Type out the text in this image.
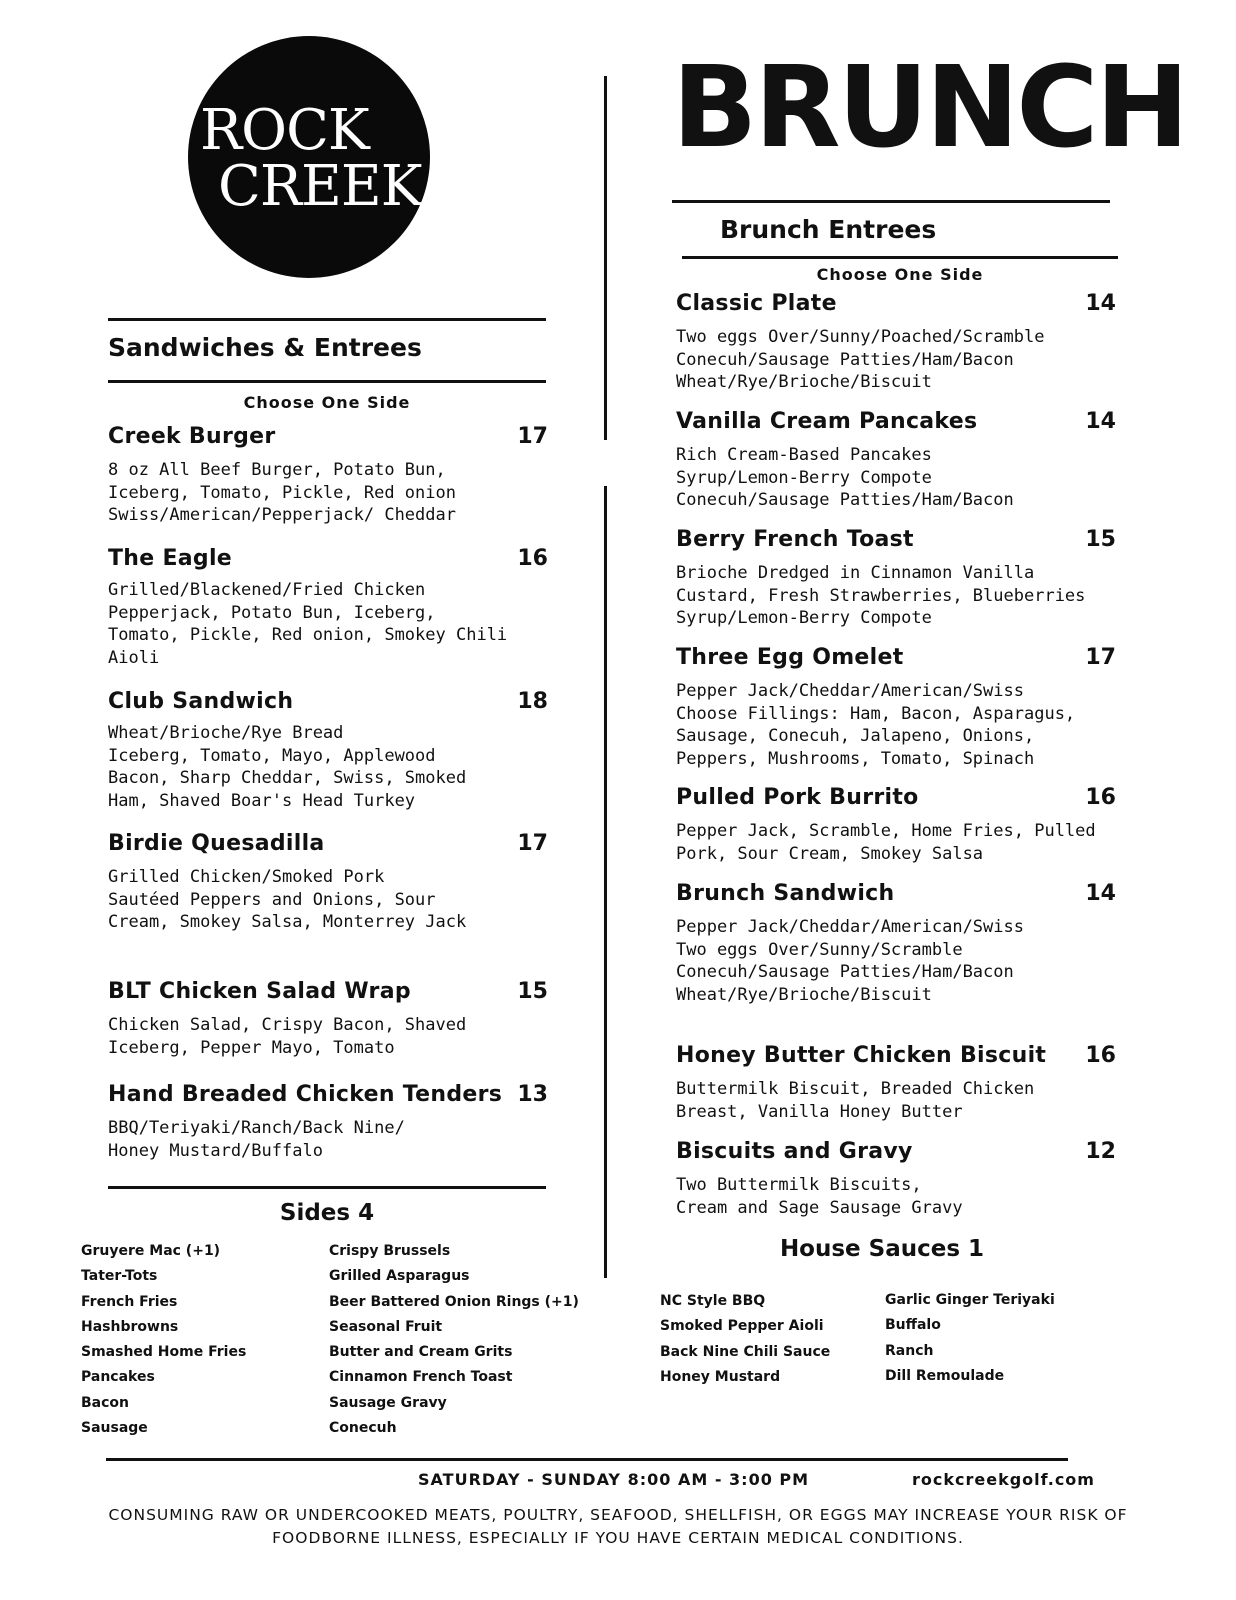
ROCK
CREEK
BRUNCH
Sandwiches & Entrees
Choose One Side
Brunch Entrees
Choose One Side
Creek Burger	17
8 oz All Beef Burger, Potato Bun,
Iceberg, Tomato, Pickle, Red onion
Swiss/American/Pepperjack/ Cheddar
The Eagle	16
Grilled/Blackened/Fried Chicken
Pepperjack, Potato Bun, Iceberg,
Tomato, Pickle, Red onion, Smokey Chili
Aioli
Club Sandwich	18
Wheat/Brioche/Rye Bread
Iceberg, Tomato, Mayo, Applewood
Bacon, Sharp Cheddar, Swiss, Smoked
Ham, Shaved Boar's Head Turkey
Birdie Quesadilla	17
Grilled Chicken/Smoked Pork
Sautéed Peppers and Onions, Sour
Cream, Smokey Salsa, Monterrey Jack
BLT Chicken Salad Wrap	15
Chicken Salad, Crispy Bacon, Shaved
Iceberg, Pepper Mayo, Tomato
Hand Breaded Chicken Tenders 13
BBQ/Teriyaki/Ranch/Back Nine/
Honey Mustard/Buffalo
Classic Plate	14
Two eggs Over/Sunny/Poached/Scramble
Conecuh/Sausage Patties/Ham/Bacon
Wheat/Rye/Brioche/Biscuit
Vanilla Cream Pancakes	14
Rich Cream-Based Pancakes
Syrup/Lemon-Berry Compote
Conecuh/Sausage Patties/Ham/Bacon
Berry French Toast	15
Brioche Dredged in Cinnamon Vanilla
Custard, Fresh Strawberries, Blueberries
Syrup/Lemon-Berry Compote
Three Egg Omelet	17
Pepper Jack/Cheddar/American/Swiss
Choose Fillings: Ham, Bacon, Asparagus,
Sausage, Conecuh, Jalapeno, Onions,
Peppers, Mushrooms, Tomato, Spinach
Pulled Pork Burrito	16
Pepper Jack, Scramble, Home Fries, Pulled
Pork, Sour Cream, Smokey Salsa
Brunch Sandwich	14
Pepper Jack/Cheddar/American/Swiss
Two eggs Over/Sunny/Scramble
Conecuh/Sausage Patties/Ham/Bacon
Wheat/Rye/Brioche/Biscuit
Honey Butter Chicken Biscuit 16
Buttermilk Biscuit, Breaded Chicken
Breast, Vanilla Honey Butter
Biscuits and Gravy	12
Two Buttermilk Biscuits,
Cream and Sage Sausage Gravy
Sides 4
Gruyere Mac (+1)
Tater-Tots
French Fries
Hashbrowns
Smashed Home Fries
Pancakes
Bacon
Sausage
Crispy Brussels
Grilled Asparagus
Beer Battered Onion Rings (+1)
Seasonal Fruit
Butter and Cream Grits
Cinnamon French Toast
Sausage Gravy
Conecuh
House Sauces 1
NC Style BBQ
Smoked Pepper Aioli
Back Nine Chili Sauce
Honey Mustard
Garlic Ginger Teriyaki
Buffalo
Ranch
Dill Remoulade
SATURDAY - SUNDAY 8:00 AM - 3:00 PM	rockcreekgolf.com
CONSUMING RAW OR UNDERCOOKED MEATS, POULTRY, SEAFOOD, SHELLFISH, OR EGGS MAY INCREASE YOUR RISK OF FOODBORNE ILLNESS, ESPECIALLY IF YOU HAVE CERTAIN MEDICAL CONDITIONS.
